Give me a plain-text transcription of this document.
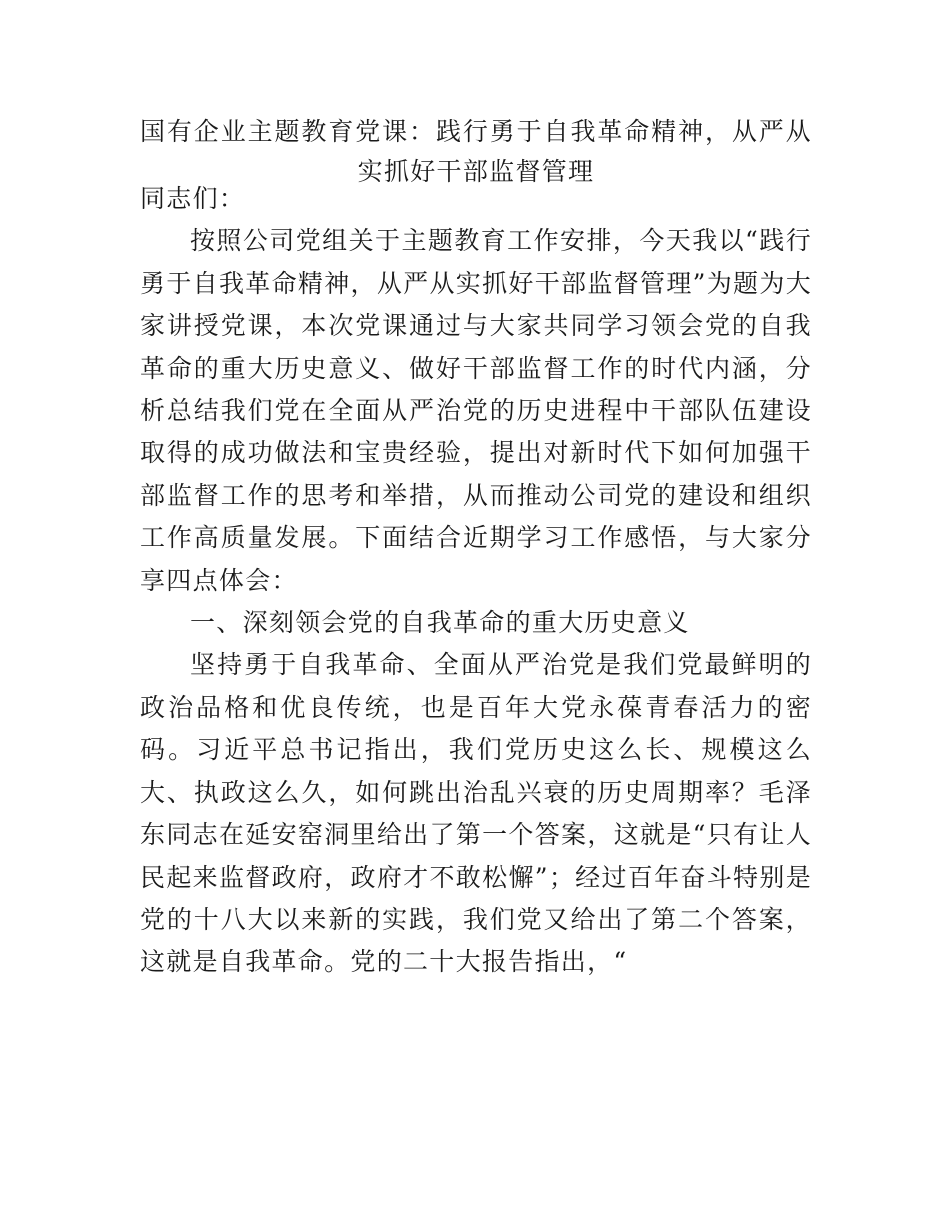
国有企业主题教育党课：践行勇于自我革命精神，从严从实抓好干部监督管理

同志们：

按照公司党组关于主题教育工作安排，今天我以“践行勇于自我革命精神，从严从实抓好干部监督管理”为题为大家讲授党课，本次党课通过与大家共同学习领会党的自我革命的重大历史意义、做好干部监督工作的时代内涵，分析总结我们党在全面从严治党的历史进程中干部队伍建设取得的成功做法和宝贵经验，提出对新时代下如何加强干部监督工作的思考和举措，从而推动公司党的建设和组织工作高质量发展。下面结合近期学习工作感悟，与大家分享四点体会：

一、深刻领会党的自我革命的重大历史意义

坚持勇于自我革命、全面从严治党是我们党最鲜明的政治品格和优良传统，也是百年大党永葆青春活力的密码。习近平总书记指出，我们党历史这么长、规模这么大、执政这么久，如何跳出治乱兴衰的历史周期率？毛泽东同志在延安窑洞里给出了第一个答案，这就是“只有让人民起来监督政府，政府才不敢松懈”；经过百年奋斗特别是党的十八大以来新的实践，我们党又给出了第二个答案，这就是自我革命。党的二十大报告指出，“
